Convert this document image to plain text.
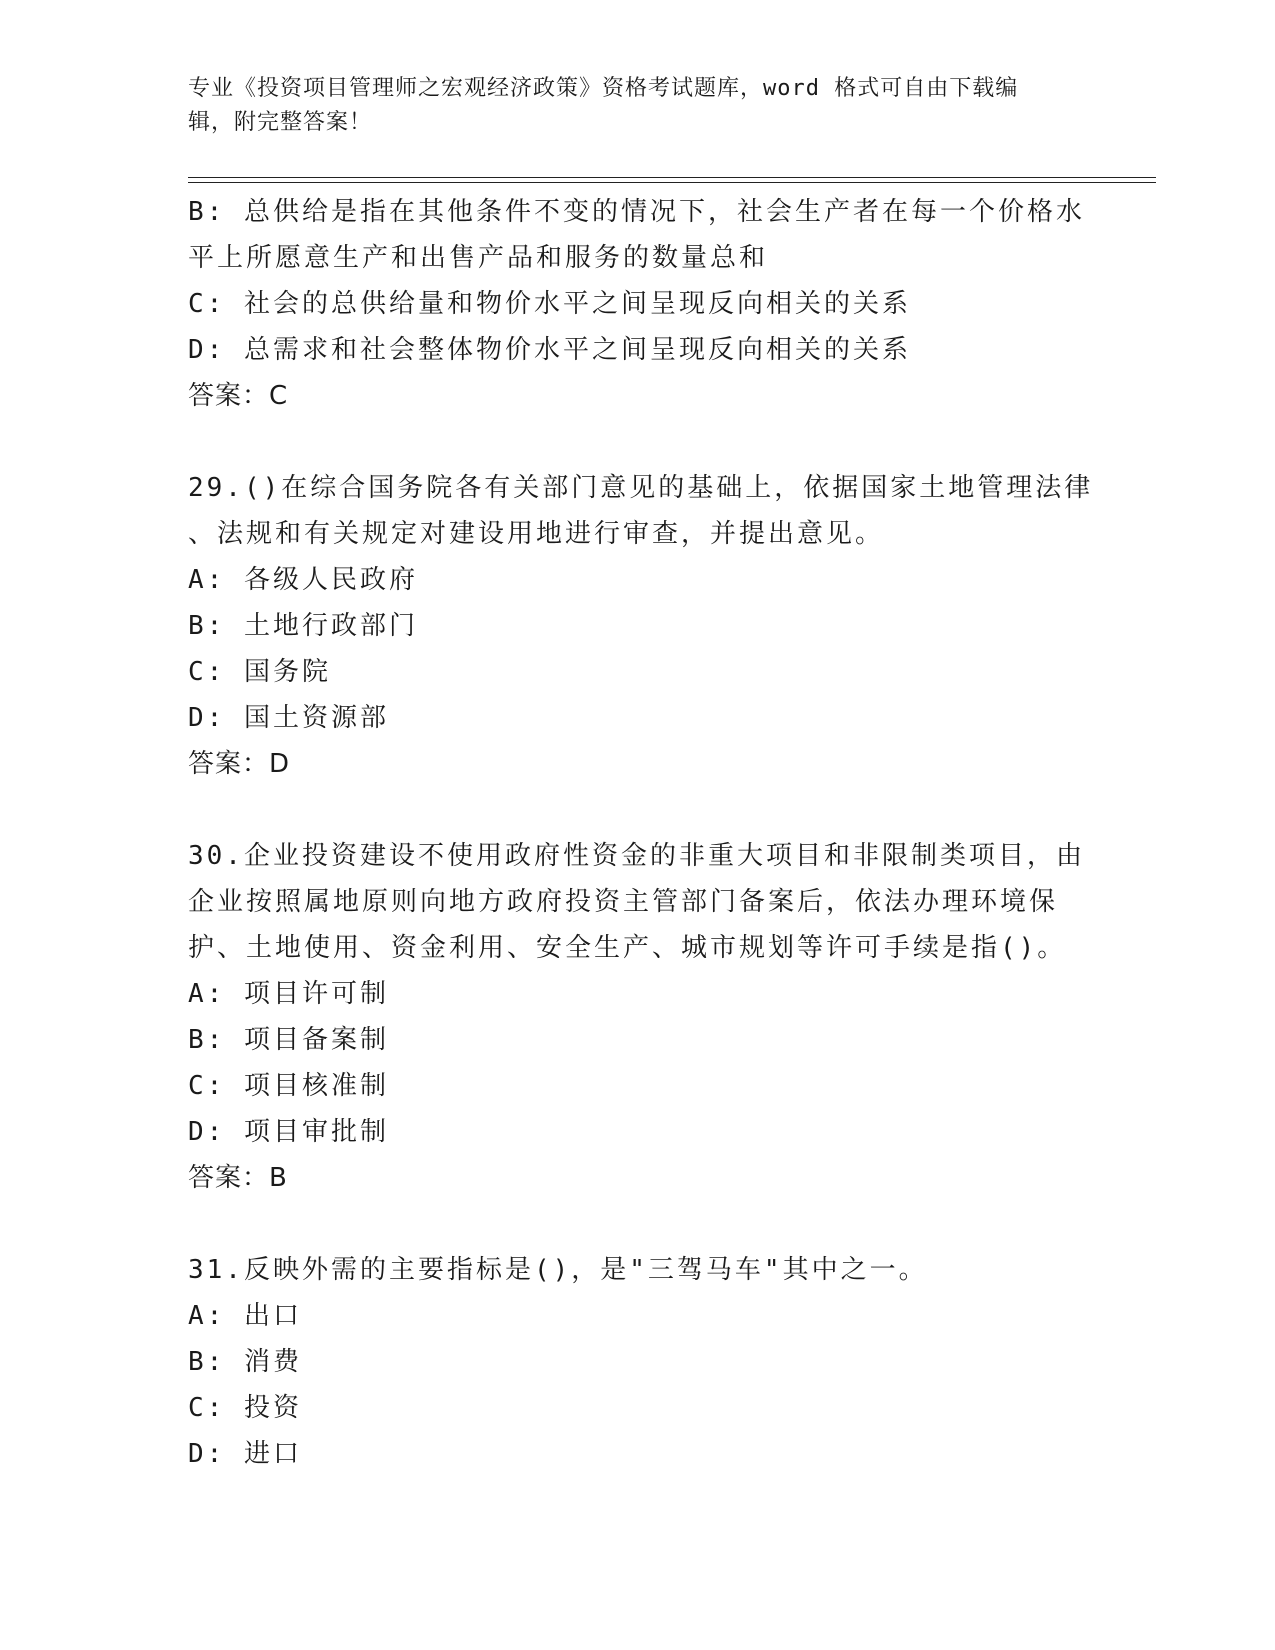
专业《投资项目管理师之宏观经济政策》资格考试题库，word 格式可自由下载编
辑，附完整答案！

B: 总供给是指在其他条件不变的情况下，社会生产者在每一个价格水

平上所愿意生产和出售产品和服务的数量总和

C: 社会的总供给量和物价水平之间呈现反向相关的关系

D: 总需求和社会整体物价水平之间呈现反向相关的关系

答案：C

29.()在综合国务院各有关部门意见的基础上，依据国家土地管理法律

、法规和有关规定对建设用地进行审查，并提出意见。

A: 各级人民政府

B: 土地行政部门

C: 国务院

D: 国土资源部

答案：D

30.企业投资建设不使用政府性资金的非重大项目和非限制类项目，由

企业按照属地原则向地方政府投资主管部门备案后，依法办理环境保

护、土地使用、资金利用、安全生产、城市规划等许可手续是指()。

A: 项目许可制

B: 项目备案制

C: 项目核准制

D: 项目审批制

答案：B

31.反映外需的主要指标是()，是"三驾马车"其中之一。

A: 出口

B: 消费

C: 投资

D: 进口
